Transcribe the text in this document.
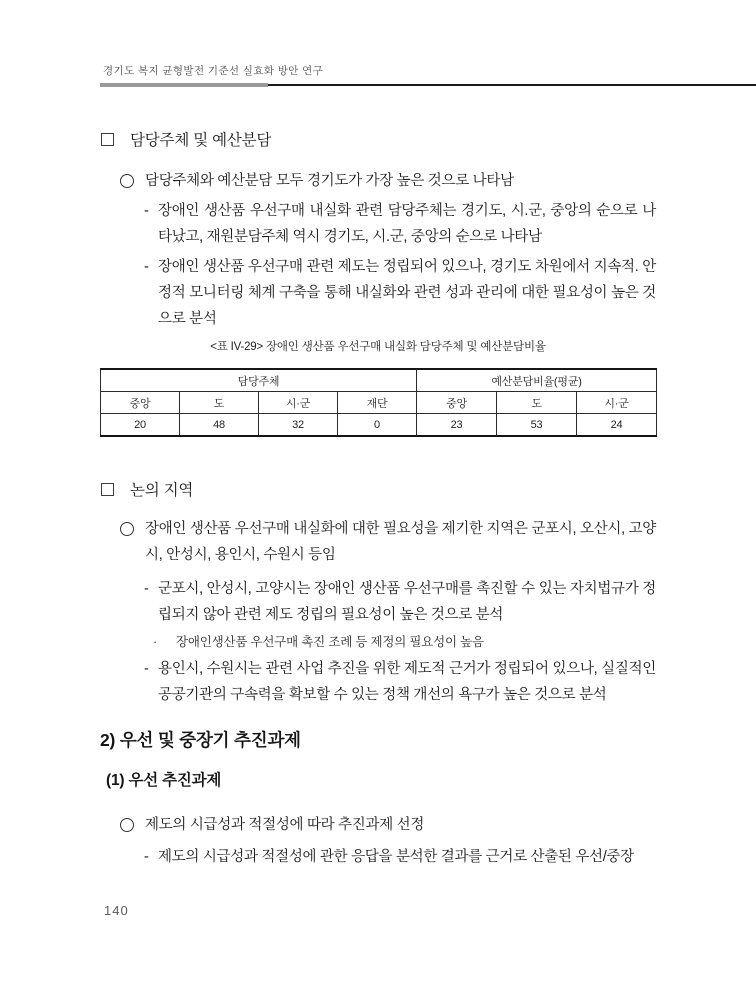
경기도 복지 균형발전 기준선 실효화 방안 연구
담당주체 및 예산분담
담당주체와 예산분담 모두 경기도가 가장 높은 것으로 나타남
- 장애인 생산품 우선구매 내실화 관련 담당주체는 경기도, 시.군, 중앙의 순으로 나타났고, 재원분담주체 역시 경기도, 시.군, 중앙의 순으로 나타남
- 장애인 생산품 우선구매 관련 제도는 정립되어 있으나, 경기도 차원에서 지속적. 안정적 모니터링 체계 구축을 통해 내실화와 관련 성과 관리에 대한 필요성이 높은 것으로 분석
<표 IV-29> 장애인 생산품 우선구매 내실화 담당주체 및 예산분담비율
담당주체				예산분담비율(평균)		
중앙	도	시·군	재단	중앙	도	시·군
20	48	32	0	23	53	24
논의 지역
장애인 생산품 우선구매 내실화에 대한 필요성을 제기한 지역은 군포시, 오산시, 고양시, 안성시, 용인시, 수원시 등임
- 군포시, 안성시, 고양시는 장애인 생산품 우선구매를 촉진할 수 있는 자치법규가 정립되지 않아 관련 제도 정립의 필요성이 높은 것으로 분석
·	장애인생산품 우선구매 촉진 조례 등 제정의 필요성이 높음
- 용인시, 수원시는 관련 사업 추진을 위한 제도적 근거가 정립되어 있으나, 실질적인 공공기관의 구속력을 확보할 수 있는 정책 개선의 욕구가 높은 것으로 분석
2) 우선 및 중장기 추진과제
(1) 우선 추진과제
제도의 시급성과 적절성에 따라 추진과제 선정
- 제도의 시급성과 적절성에 관한 응답을 분석한 결과를 근거로 산출된 우선/중장
140
